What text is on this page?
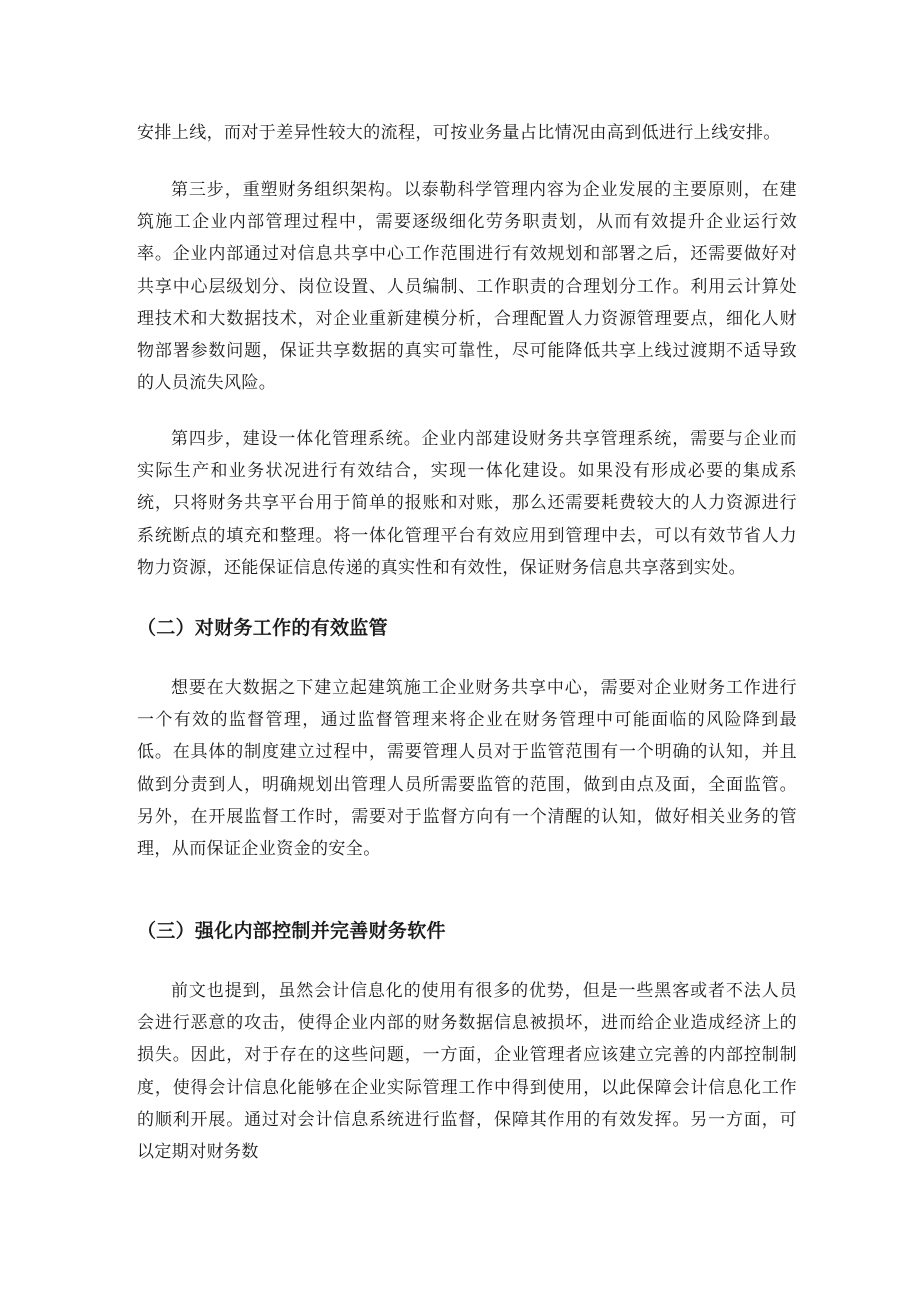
安排上线，而对于差异性较大的流程，可按业务量占比情况由高到低进行上线安排。

第三步，重塑财务组织架构。以泰勒科学管理内容为企业发展的主要原则，在建筑施工企业内部管理过程中，需要逐级细化劳务职责划，从而有效提升企业运行效率。企业内部通过对信息共享中心工作范围进行有效规划和部署之后，还需要做好对共享中心层级划分、岗位设置、人员编制、工作职责的合理划分工作。利用云计算处理技术和大数据技术，对企业重新建模分析，合理配置人力资源管理要点，细化人财物部署参数问题，保证共享数据的真实可靠性，尽可能降低共享上线过渡期不适导致的人员流失风险。

第四步，建设一体化管理系统。企业内部建设财务共享管理系统，需要与企业而实际生产和业务状况进行有效结合，实现一体化建设。如果没有形成必要的集成系统，只将财务共享平台用于简单的报账和对账，那么还需要耗费较大的人力资源进行系统断点的填充和整理。将一体化管理平台有效应用到管理中去，可以有效节省人力物力资源，还能保证信息传递的真实性和有效性，保证财务信息共享落到实处。

（二）对财务工作的有效监管

想要在大数据之下建立起建筑施工企业财务共享中心，需要对企业财务工作进行一个有效的监督管理，通过监督管理来将企业在财务管理中可能面临的风险降到最低。在具体的制度建立过程中，需要管理人员对于监管范围有一个明确的认知，并且做到分责到人，明确规划出管理人员所需要监管的范围，做到由点及面，全面监管。另外，在开展监督工作时，需要对于监督方向有一个清醒的认知，做好相关业务的管理，从而保证企业资金的安全。

（三）强化内部控制并完善财务软件

前文也提到，虽然会计信息化的使用有很多的优势，但是一些黑客或者不法人员会进行恶意的攻击，使得企业内部的财务数据信息被损坏，进而给企业造成经济上的损失。因此，对于存在的这些问题，一方面，企业管理者应该建立完善的内部控制制度，使得会计信息化能够在企业实际管理工作中得到使用，以此保障会计信息化工作的顺利开展。通过对会计信息系统进行监督，保障其作用的有效发挥。另一方面，可以定期对财务数
